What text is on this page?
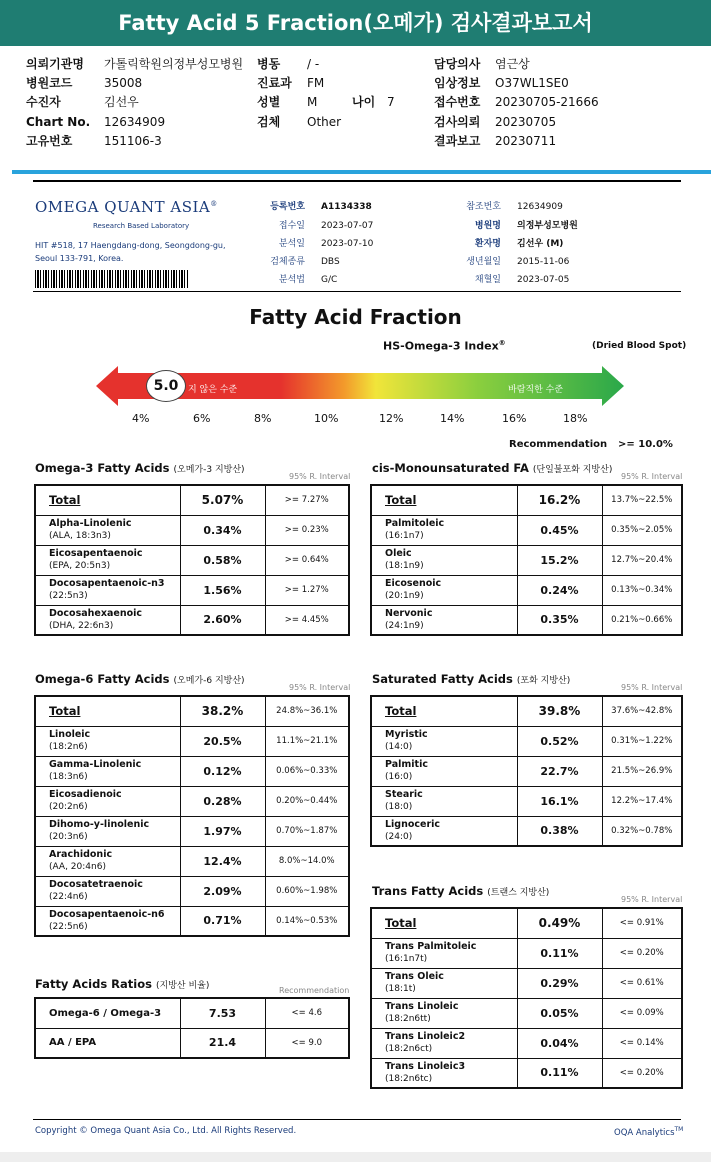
Fatty Acid 5 Fraction(오메가) 검사결과보고서
의뢰기관명 가톨릭학원의정부성모병원
병원코드	35008
수진자	김선우
Chart No. 12634909
고유번호	151106-3
병동 / -
진료과 FM
성별 M	나이 7
검체 Other
담당의사 염근상
임상정보 O37WL1SE0
접수번호 20230705-21666
검사의뢰 20230705
결과보고 20230711
OMEGA QUANT ASIA®
Research Based Laboratory
HIT #518, 17 Haengdang-dong, Seongdong-gu,
Seoul 133-791, Korea.
등록번호 A1134338
접수일 2023-07-07
분석일 2023-07-10
검체종류 DBS
분석법 G/C
참조번호 12634909
병원명 의정부성모병원
환자명 김선우 (M)
생년월일 2015-11-06
채혈일 2023-07-05
Fatty Acid Fraction
HS-Omega-3 Index®	(Dried Blood Spot)
5.0	지 않은 수준	바람직한 수준
4%	6%	8%	10%	12%	14%	16%	18%
Recommendation >= 10.0%
Omega-3 Fatty Acids (오메가-3 지방산)
95% R. Interval
Total	5.07%	>= 7.27%
Alpha-Linolenic
(ALA, 18:3n3)	0.34%	>= 0.23%
Eicosapentaenoic
(EPA, 20:5n3)	0.58%	>= 0.64%
Docosapentaenoic-n3
(22:5n3)	1.56%	>= 1.27%
Docosahexaenoic
(DHA, 22:6n3)	2.60%	>= 4.45%
cis-Monounsaturated FA (단일불포화 지방산)
95% R. Interval
Total	16.2%	13.7%~22.5%
Palmitoleic
(16:1n7)	0.45%	0.35%~2.05%
Oleic
(18:1n9)	15.2%	12.7%~20.4%
Eicosenoic
(20:1n9)	0.24%	0.13%~0.34%
Nervonic
(24:1n9)	0.35%	0.21%~0.66%
Omega-6 Fatty Acids (오메가-6 지방산)
95% R. Interval
Total	38.2%	24.8%~36.1%
Linoleic
(18:2n6)	20.5%	11.1%~21.1%
Gamma-Linolenic
(18:3n6)	0.12%	0.06%~0.33%
Eicosadienoic
(20:2n6)	0.28%	0.20%~0.44%
Dihomo-y-linolenic
(20:3n6)	1.97%	0.70%~1.87%
Arachidonic
(AA, 20:4n6)	12.4%	8.0%~14.0%
Docosatetraenoic
(22:4n6)	2.09%	0.60%~1.98%
Docosapentaenoic-n6
(22:5n6)	0.71%	0.14%~0.53%
Saturated Fatty Acids (포화 지방산)
95% R. Interval
Total	39.8%	37.6%~42.8%
Myristic
(14:0)	0.52%	0.31%~1.22%
Palmitic
(16:0)	22.7%	21.5%~26.9%
Stearic
(18:0)	16.1%	12.2%~17.4%
Lignoceric
(24:0)	0.38%	0.32%~0.78%
Trans Fatty Acids (트랜스 지방산)
95% R. Interval
Total	0.49%	<= 0.91%
Trans Palmitoleic
(16:1n7t)	0.11%	<= 0.20%
Trans Oleic
(18:1t)	0.29%	<= 0.61%
Trans Linoleic
(18:2n6tt)	0.05%	<= 0.09%
Trans Linoleic2
(18:2n6ct)	0.04%	<= 0.14%
Trans Linoleic3
(18:2n6tc)	0.11%	<= 0.20%
Fatty Acids Ratios (지방산 비율)	Recommendation
Omega-6 / Omega-3	7.53	<= 4.6
AA / EPA	21.4	<= 9.0
Copyright © Omega Quant Asia Co., Ltd. All Rights Reserved.	OQA Analytics™
